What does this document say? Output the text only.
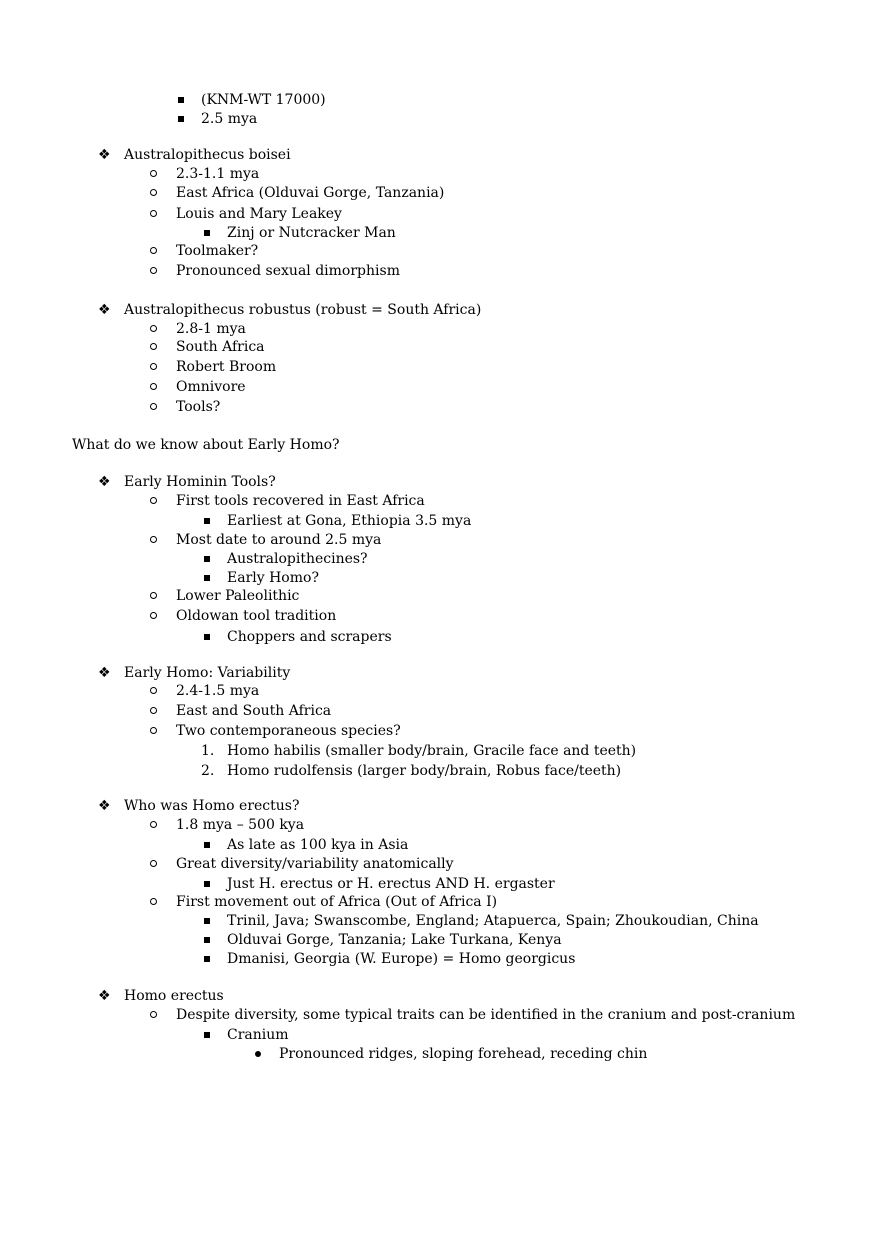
(KNM-WT 17000)
2.5 mya
❖ Australopithecus boisei
2.3-1.1 mya
East Africa (Olduvai Gorge, Tanzania)
Louis and Mary Leakey
Zinj or Nutcracker Man
Toolmaker?
Pronounced sexual dimorphism
❖ Australopithecus robustus (robust = South Africa)
2.8-1 mya
South Africa
Robert Broom
Omnivore
Tools?
What do we know about Early Homo?
❖ Early Hominin Tools?
First tools recovered in East Africa
Earliest at Gona, Ethiopia 3.5 mya
Most date to around 2.5 mya
Australopithecines?
Early Homo?
Lower Paleolithic
Oldowan tool tradition
Choppers and scrapers
❖ Early Homo: Variability
2.4-1.5 mya
East and South Africa
Two contemporaneous species?
1. Homo habilis (smaller body/brain, Gracile face and teeth)
2. Homo rudolfensis (larger body/brain, Robus face/teeth)
❖ Who was Homo erectus?
1.8 mya – 500 kya
As late as 100 kya in Asia
Great diversity/variability anatomically
Just H. erectus or H. erectus AND H. ergaster
First movement out of Africa (Out of Africa I)
Trinil, Java; Swanscombe, England; Atapuerca, Spain; Zhoukoudian, China
Olduvai Gorge, Tanzania; Lake Turkana, Kenya
Dmanisi, Georgia (W. Europe) = Homo georgicus
❖ Homo erectus
Despite diversity, some typical traits can be identified in the cranium and post-cranium
Cranium
Pronounced ridges, sloping forehead, receding chin
